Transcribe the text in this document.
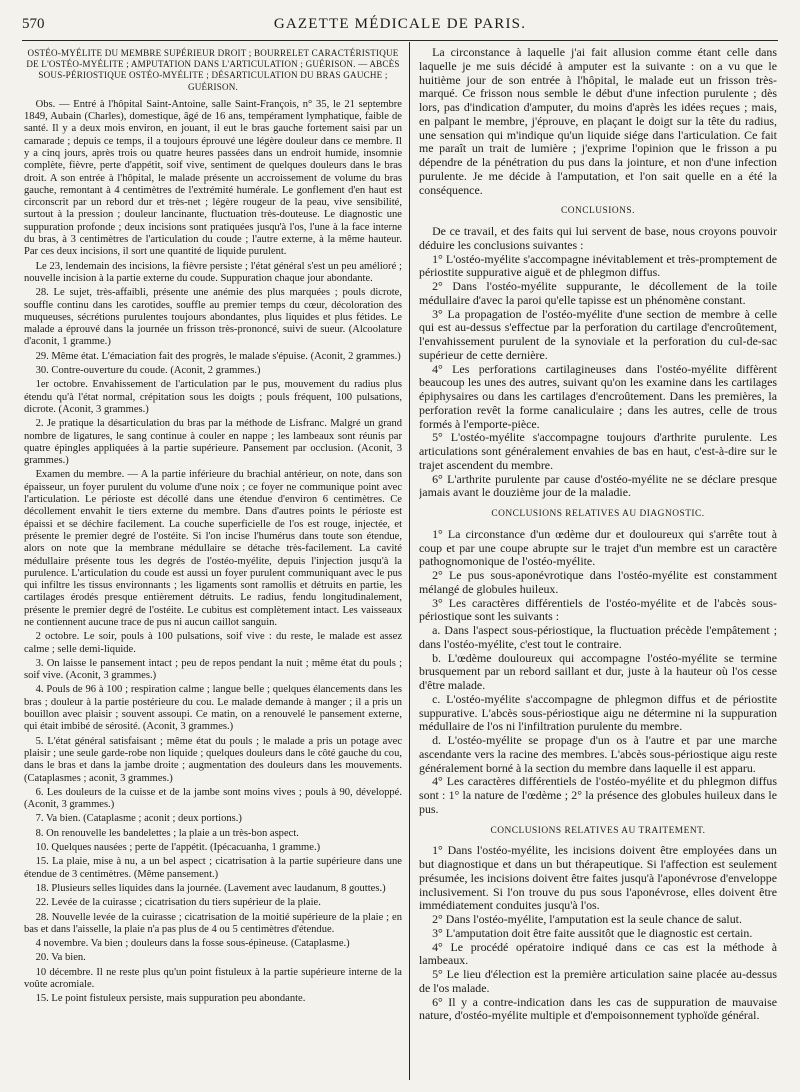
570	GAZETTE MÉDICALE DE PARIS.

OSTÉO-MYÉLITE DU MEMBRE SUPÉRIEUR DROIT ; BOURRELET CARACTÉRISTIQUE DE L'OSTÉO-MYÉLITE ; AMPUTATION DANS L'ARTICULATION ; GUÉRISON. — ABCÈS SOUS-PÉRIOSTIQUE OSTÉO-MYÉLITE ; DÉSARTICULATION DU BRAS GAUCHE ; GUÉRISON.

Obs. — Entré à l'hôpital Saint-Antoine, salle Saint-François, n° 35, le 21 septembre 1849, Aubain (Charles), domestique, âgé de 16 ans, tempérament lymphatique, faible de santé. Il y a deux mois environ, en jouant, il eut le bras gauche fortement saisi par un camarade ; depuis ce temps, il a toujours éprouvé une légère douleur dans ce membre. Il y a cinq jours, après trois ou quatre heures passées dans un endroit humide, insomnie complète, fièvre, perte d'appétit, soif vive, sentiment de quelques douleurs dans le bras droit. A son entrée à l'hôpital, le malade présente un accroissement de volume du bras gauche, remontant à 4 centimètres de l'extrémité humérale. Le gonflement d'en haut est circonscrit par un rebord dur et très-net ; légère rougeur de la peau, vive sensibilité, surtout à la pression ; douleur lancinante, fluctuation très-douteuse. Le diagnostic une suppuration profonde ; deux incisions sont pratiquées jusqu'à l'os, l'une à la face interne du bras, à 3 centimètres de l'articulation du coude ; l'autre externe, à la même hauteur. Par ces deux incisions, il sort une quantité de liquide purulent.

Le 23, lendemain des incisions, la fièvre persiste ; l'état général s'est un peu amélioré ; nouvelle incision à la partie externe du coude. Suppuration chaque jour abondante.

28. Le sujet, très-affaibli, présente une anémie des plus marquées ; pouls dicrote, souffle continu dans les carotides, souffle au premier temps du cœur, décoloration des muqueuses, sécrétions purulentes toujours abondantes, plus liquides et plus fétides. Le malade a éprouvé dans la journée un frisson très-prononcé, suivi de sueur. (Alcoolature d'aconit, 1 gramme.)

29. Même état. L'émaciation fait des progrès, le malade s'épuise. (Aconit, 2 grammes.)

30. Contre-ouverture du coude. (Aconit, 2 grammes.)

1er octobre. Envahissement de l'articulation par le pus, mouvement du radius plus étendu qu'à l'état normal, crépitation sous les doigts ; pouls fréquent, 100 pulsations, dicrote. (Aconit, 3 grammes.)

2. Je pratique la désarticulation du bras par la méthode de Lisfranc. Malgré un grand nombre de ligatures, le sang continue à couler en nappe ; les lambeaux sont réunis par quatre épingles appliquées à la partie supérieure. Pansement par occlusion. (Aconit, 3 grammes.)

Examen du membre. — A la partie inférieure du brachial antérieur, on note, dans son épaisseur, un foyer purulent du volume d'une noix ; ce foyer ne communique point avec l'articulation. Le périoste est décollé dans une étendue d'environ 6 centimètres. Ce décollement envahit le tiers externe du membre. Dans d'autres points le périoste est épaissi et se déchire facilement. La couche superficielle de l'os est rouge, injectée, et présente le premier degré de l'ostéite. Si l'on incise l'humérus dans toute son étendue, alors on note que la membrane médullaire se détache très-facilement. La cavité médullaire présente tous les degrés de l'ostéo-myélite, depuis l'injection jusqu'à la purulence. L'articulation du coude est aussi un foyer purulent communiquant avec le pus qui infiltre les tissus environnants ; les ligaments sont ramollis et détruits en partie, les cartilages érodés presque entièrement détruits. Le radius, fendu longitudinalement, présente le premier degré de l'ostéite. Le cubitus est complètement intact. Les vaisseaux ne contiennent aucune trace de pus ni aucun caillot sanguin.

2 octobre. Le soir, pouls à 100 pulsations, soif vive : du reste, le malade est assez calme ; selle demi-liquide.

3. On laisse le pansement intact ; peu de repos pendant la nuit ; même état du pouls ; soif vive. (Aconit, 3 grammes.)

4. Pouls de 96 à 100 ; respiration calme ; langue belle ; quelques élancements dans les bras ; douleur à la partie postérieure du cou. Le malade demande à manger ; il a pris un bouillon avec plaisir ; souvent assoupi. Ce matin, on a renouvelé le pansement externe, qui était imbibé de sérosité. (Aconit, 3 grammes.)

5. L'état général satisfaisant ; même état du pouls ; le malade a pris un potage avec plaisir ; une seule garde-robe non liquide ; quelques douleurs dans le côté gauche du cou, dans le bras et dans la jambe droite ; augmentation des douleurs dans les mouvements. (Cataplasmes ; aconit, 3 grammes.)

6. Les douleurs de la cuisse et de la jambe sont moins vives ; pouls à 90, développé. (Aconit, 3 grammes.)

7. Va bien. (Cataplasme ; aconit ; deux portions.)

8. On renouvelle les bandelettes ; la plaie a un très-bon aspect.

10. Quelques nausées ; perte de l'appétit. (Ipécacuanha, 1 gramme.)

15. La plaie, mise à nu, a un bel aspect ; cicatrisation à la partie supérieure dans une étendue de 3 centimètres. (Même pansement.)

18. Plusieurs selles liquides dans la journée. (Lavement avec laudanum, 8 gouttes.)

22. Levée de la cuirasse ; cicatrisation du tiers supérieur de la plaie.

28. Nouvelle levée de la cuirasse ; cicatrisation de la moitié supérieure de la plaie ; en bas et dans l'aisselle, la plaie n'a pas plus de 4 ou 5 centimètres d'étendue.

4 novembre. Va bien ; douleurs dans la fosse sous-épineuse. (Cataplasme.)

20. Va bien.

10 décembre. Il ne reste plus qu'un point fistuleux à la partie supérieure interne de la voûte acromiale.

15. Le point fistuleux persiste, mais suppuration peu abondante.

La circonstance à laquelle j'ai fait allusion comme étant celle dans laquelle je me suis décidé à amputer est la suivante : on a vu que le huitième jour de son entrée à l'hôpital, le malade eut un frisson très-marqué. Ce frisson nous semble le début d'une infection purulente ; dès lors, pas d'indication d'amputer, du moins d'après les idées reçues ; mais, en palpant le membre, j'éprouve, en plaçant le doigt sur la tête du radius, une sensation qui m'indique qu'un liquide siége dans l'articulation. Ce fait me paraît un trait de lumière ; j'exprime l'opinion que le frisson a pu dépendre de la pénétration du pus dans la jointure, et non d'une infection purulente. Je me décide à l'amputation, et l'on sait quelle en a été la conséquence.

CONCLUSIONS.

De ce travail, et des faits qui lui servent de base, nous croyons pouvoir déduire les conclusions suivantes :

1° L'ostéo-myélite s'accompagne inévitablement et très-promptement de périostite suppurative aiguë et de phlegmon diffus.

2° Dans l'ostéo-myélite suppurante, le décollement de la toile médullaire d'avec la paroi qu'elle tapisse est un phénomène constant.

3° La propagation de l'ostéo-myélite d'une section de membre à celle qui est au-dessus s'effectue par la perforation du cartilage d'encroûtement, l'envahissement purulent de la synoviale et la perforation du cul-de-sac supérieur de cette dernière.

4° Les perforations cartilagineuses dans l'ostéo-myélite diffèrent beaucoup les unes des autres, suivant qu'on les examine dans les cartilages épiphysaires ou dans les cartilages d'encroûtement. Dans les premières, la perforation revêt la forme canaliculaire ; dans les autres, celle de trous formés à l'emporte-pièce.

5° L'ostéo-myélite s'accompagne toujours d'arthrite purulente. Les articulations sont généralement envahies de bas en haut, c'est-à-dire sur le trajet ascendent du membre.

6° L'arthrite purulente par cause d'ostéo-myélite ne se déclare presque jamais avant le douzième jour de la maladie.

CONCLUSIONS RELATIVES AU DIAGNOSTIC.

1° La circonstance d'un œdème dur et douloureux qui s'arrête tout à coup et par une coupe abrupte sur le trajet d'un membre est un caractère pathognomonique de l'ostéo-myélite.

2° Le pus sous-aponévrotique dans l'ostéo-myélite est constamment mélangé de globules huileux.

3° Les caractères différentiels de l'ostéo-myélite et de l'abcès sous-périostique sont les suivants :

a. Dans l'aspect sous-périostique, la fluctuation précède l'empâtement ; dans l'ostéo-myélite, c'est tout le contraire.

b. L'œdème douloureux qui accompagne l'ostéo-myélite se termine brusquement par un rebord saillant et dur, juste à la hauteur où l'os cesse d'être malade.

c. L'ostéo-myélite s'accompagne de phlegmon diffus et de périostite suppurative. L'abcès sous-périostique aigu ne détermine ni la suppuration médullaire de l'os ni l'infiltration purulente du membre.

d. L'ostéo-myélite se propage d'un os à l'autre et par une marche ascendante vers la racine des membres. L'abcès sous-périostique aigu reste généralement borné à la section du membre dans laquelle il est apparu.

4° Les caractères différentiels de l'ostéo-myélite et du phlegmon diffus sont : 1° la nature de l'œdème ; 2° la présence des globules huileux dans le pus.

CONCLUSIONS RELATIVES AU TRAITEMENT.

1° Dans l'ostéo-myélite, les incisions doivent être employées dans un but diagnostique et dans un but thérapeutique. Si l'affection est seulement présumée, les incisions doivent être faites jusqu'à l'aponévrose d'enveloppe inclusivement. Si l'on trouve du pus sous l'aponévrose, elles doivent être immédiatement conduites jusqu'à l'os.

2° Dans l'ostéo-myélite, l'amputation est la seule chance de salut.

3° L'amputation doit être faite aussitôt que le diagnostic est certain.

4° Le procédé opératoire indiqué dans ce cas est la méthode à lambeaux.

5° Le lieu d'élection est la première articulation saine placée au-dessus de l'os malade.

6° Il y a contre-indication dans les cas de suppuration de mauvaise nature, d'ostéo-myélite multiple et d'empoisonnement typhoïde général.
